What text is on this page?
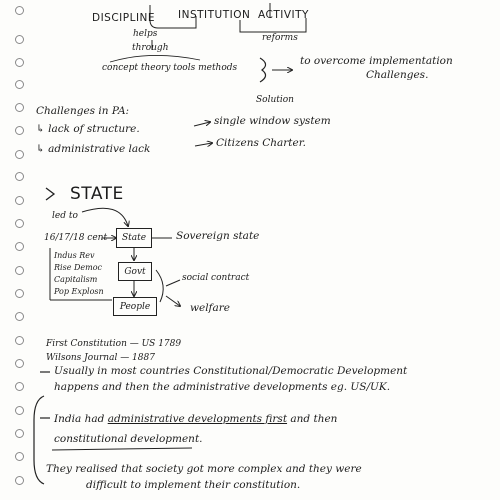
DISCIPLINE INSTITUTION ACTIVITY
helps	reforms
through
concept theory tools methods
to overcome implementation
Challenges.
Solution
Challenges in PA:
↳ lack of structure.
single window system
↳ administrative lack	Citizens Charter.
STATE
led to
16/17/18 cent	State	Sovereign state
Govt
People
social contract
welfare
Indus Rev
Rise Democ
Capitalism
Pop Explosn
First Constitution — US 1789
Wilsons Journal — 1887
Usually in most countries Constitutional/Democratic Development
happens and then the administrative developments eg. US/UK.
India had administrative developments first and then
constitutional development.
They realised that society got more complex and they were
difficult to implement their constitution.
